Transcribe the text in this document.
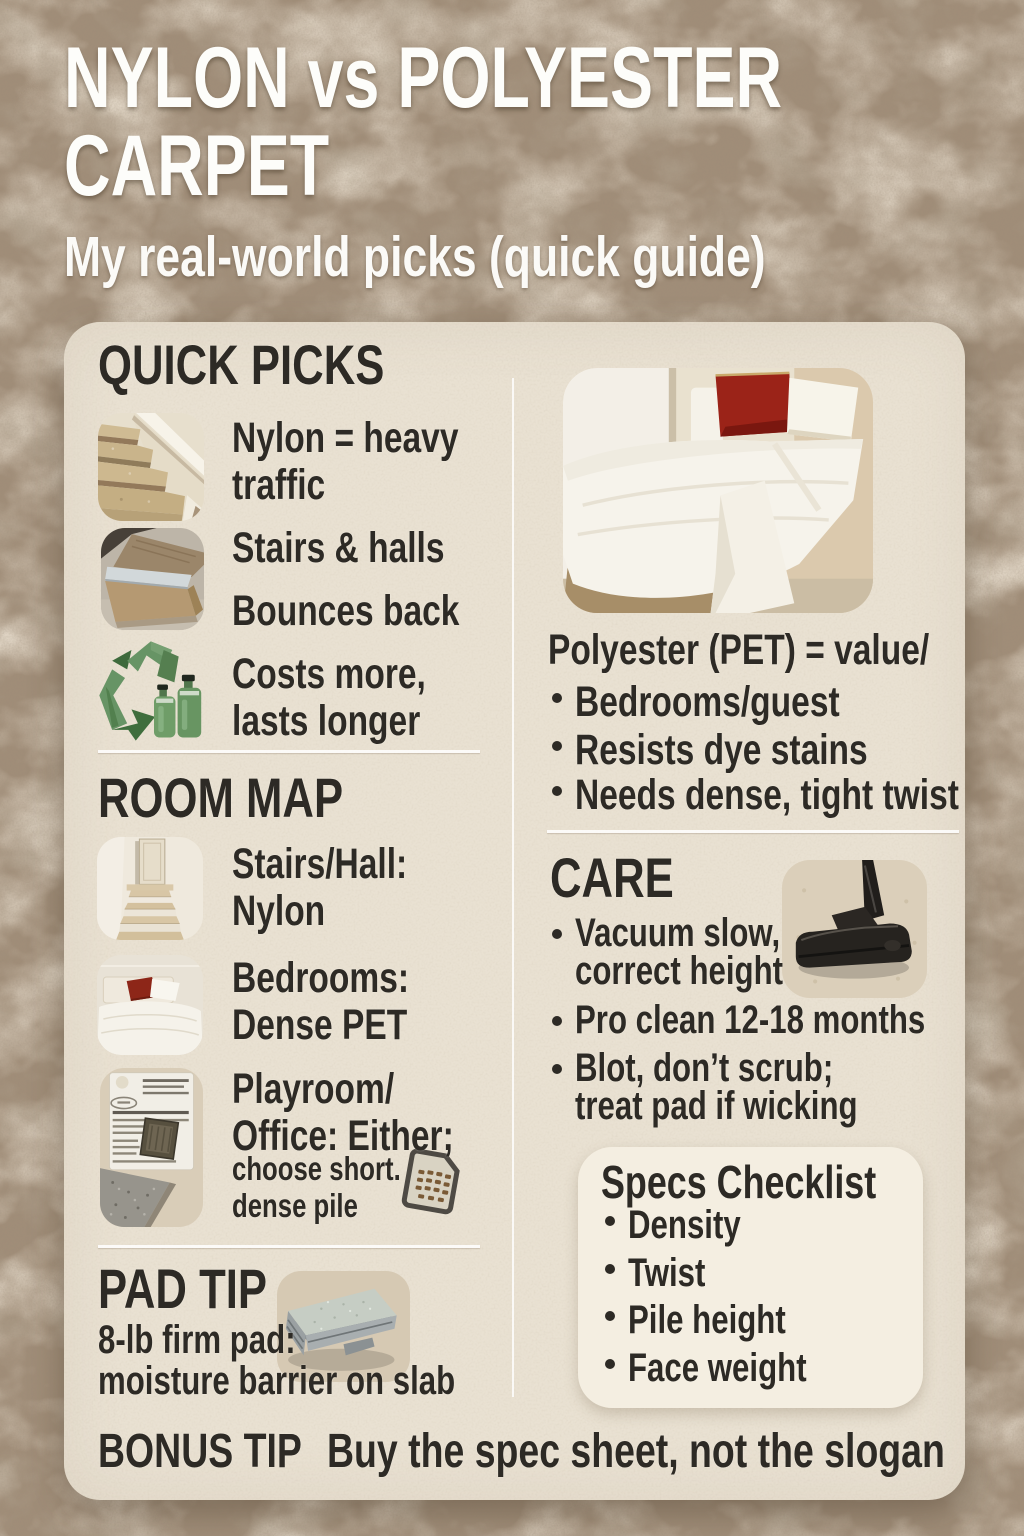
NYLON vs POLYESTER
CARPET
My real-world picks (quick guide)
QUICK PICKS
Nylon = heavy
traffic
Stairs & halls
Bounces back
Costs more,
lasts longer
ROOM MAP
Stairs/Hall:
Nylon
Bedrooms:
Dense PET
Playroom/
Office: Either;
choose short.
dense pile
PAD TIP
8-lb firm pad:
moisture barrier on slab
BONUS TIP Buy the spec sheet, not the slogan
Polyester (PET) = value/
Bedrooms/guest
Resists dye stains
Needs dense, tight twist
CARE
Vacuum slow,
correct height
Pro clean 12-18 months
Blot, don’t scrub;
treat pad if wicking
Specs Checklist
Density
Twist
Pile height
Face weight
